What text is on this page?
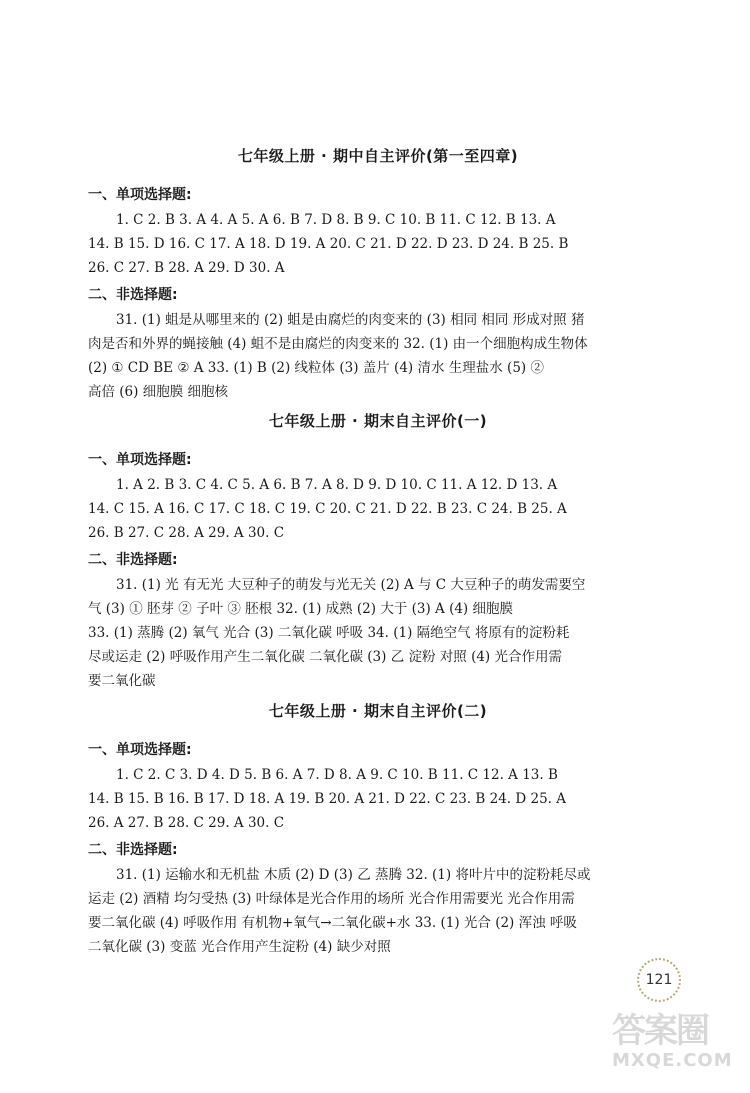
七年级上册 · 期中自主评价(第一至四章)
一、单项选择题:
1. C 2. B 3. A 4. A 5. A 6. B 7. D 8. B 9. C 10. B 11. C 12. B 13. A
14. B 15. D 16. C 17. A 18. D 19. A 20. C 21. D 22. D 23. D 24. B 25. B
26. C 27. B 28. A 29. D 30. A
二、非选择题:
31. (1) 蛆是从哪里来的 (2) 蛆是由腐烂的肉变来的 (3) 相同 相同 形成对照 猪
肉是否和外界的蝇接触 (4) 蛆不是由腐烂的肉变来的 32. (1) 由一个细胞构成生物体
(2) ① CD BE ② A 33. (1) B (2) 线粒体 (3) 盖片 (4) 清水 生理盐水 (5) ②
高倍 (6) 细胞膜 细胞核
七年级上册 · 期末自主评价(一)
一、单项选择题:
1. A 2. B 3. C 4. C 5. A 6. B 7. A 8. D 9. D 10. C 11. A 12. D 13. A
14. C 15. A 16. C 17. C 18. C 19. C 20. C 21. D 22. B 23. C 24. B 25. A
26. B 27. C 28. A 29. A 30. C
二、非选择题:
31. (1) 光 有无光 大豆种子的萌发与光无关 (2) A 与 C 大豆种子的萌发需要空
气 (3) ① 胚芽 ② 子叶 ③ 胚根 32. (1) 成熟 (2) 大于 (3) A (4) 细胞膜
33. (1) 蒸腾 (2) 氧气 光合 (3) 二氧化碳 呼吸 34. (1) 隔绝空气 将原有的淀粉耗
尽或运走 (2) 呼吸作用产生二氧化碳 二氧化碳 (3) 乙 淀粉 对照 (4) 光合作用需
要二氧化碳
七年级上册 · 期末自主评价(二)
一、单项选择题:
1. C 2. C 3. D 4. D 5. B 6. A 7. D 8. A 9. C 10. B 11. C 12. A 13. B
14. B 15. B 16. B 17. D 18. A 19. B 20. A 21. D 22. C 23. B 24. D 25. A
26. A 27. B 28. C 29. A 30. C
二、非选择题:
31. (1) 运输水和无机盐 木质 (2) D (3) 乙 蒸腾 32. (1) 将叶片中的淀粉耗尽或
运走 (2) 酒精 均匀受热 (3) 叶绿体是光合作用的场所 光合作用需要光 光合作用需
要二氧化碳 (4) 呼吸作用 有机物+氧气→二氧化碳+水 33. (1) 光合 (2) 浑浊 呼吸
二氧化碳 (3) 变蓝 光合作用产生淀粉 (4) 缺少对照
121
答案圈
MXQE.COM
